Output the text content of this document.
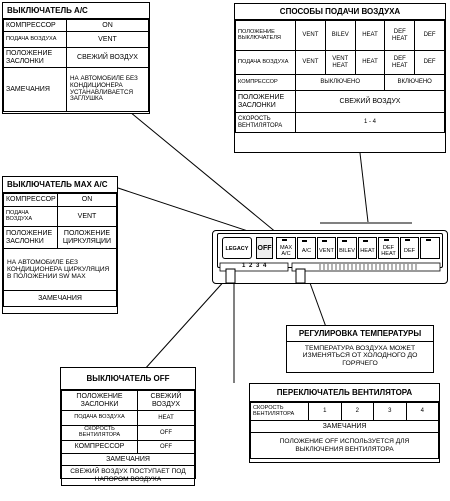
ВЫКЛЮЧАТЕЛЬ A/C
КОМПРЕССОР	ON
ПОДАЧА ВОЗДУХА	VENT
ПОЛОЖЕНИЕ ЗАСЛОНКИ	СВЕЖИЙ ВОЗДУХ
ЗАМЕЧАНИЯ	НА АВТОМОБИЛЕ БЕЗ КОНДИЦИОНЕРА УСТАНАВЛИВАЕТСЯ ЗАГЛУШКА
СПОСОБЫ ПОДАЧИ ВОЗДУХА
ПОЛОЖЕНИЕ ВЫКЛЮЧАТЕЛЯ	VENT	BILEV	HEAT	DEF HEAT	DEF
ПОДАЧА ВОЗДУХА	VENT	VENT HEAT	HEAT	DEF HEAT	DEF
КОМПРЕССОР	ВЫКЛЮЧЕНО			ВКЛЮЧЕНО	
ПОЛОЖЕНИЕ ЗАСЛОНКИ	СВЕЖИЙ ВОЗДУХ				
СКОРОСТЬ ВЕНТИЛЯТОРА	1 - 4				
ВЫКЛЮЧАТЕЛЬ MAX A/C
КОМПРЕССОР	ON
ПОДАЧА ВОЗДУХА	VENT
ПОЛОЖЕНИЕ ЗАСЛОНКИ	ПОЛОЖЕНИЕ ЦИРКУЛЯЦИИ
НА АВТОМОБИЛЕ БЕЗ КОНДИЦИОНЕРА ЦИРКУЛЯЦИЯ В ПОЛОЖЕНИИ SW MAX	
ЗАМЕЧАНИЯ	
LEGACY	OFF	MAX A/C	A/C	VENT BILEV HEAT	DEF HEAT	DEF
1 2 3 4
РЕГУЛИРОВКА ТЕМПЕРАТУРЫ
ТЕМПЕРАТУРА ВОЗДУХА МОЖЕТ ИЗМЕНЯТЬСЯ ОТ ХОЛОДНОГО ДО ГОРЯЧЕГО
ВЫКЛЮЧАТЕЛЬ OFF
ПОЛОЖЕНИЕ ЗАСЛОНКИ	СВЕЖИЙ ВОЗДУХ
ПОДАЧА ВОЗДУХА	HEAT
СКОРОСТЬ ВЕНТИЛЯТОРА	OFF
КОМПРЕССОР	OFF
ЗАМЕЧАНИЯ	
СВЕЖИЙ ВОЗДУХ ПОСТУПАЕТ ПОД НАПОРОМ ВОЗДУХА	
ПЕРЕКЛЮЧАТЕЛЬ ВЕНТИЛЯТОРА
СКОРОСТЬ ВЕНТИЛЯТОРА	1	2	3	4
ЗАМЕЧАНИЯ
ПОЛОЖЕНИЕ OFF ИСПОЛЬЗУЕТСЯ ДЛЯ ВЫКЛЮЧЕНИЯ ВЕНТИЛЯТОРА
